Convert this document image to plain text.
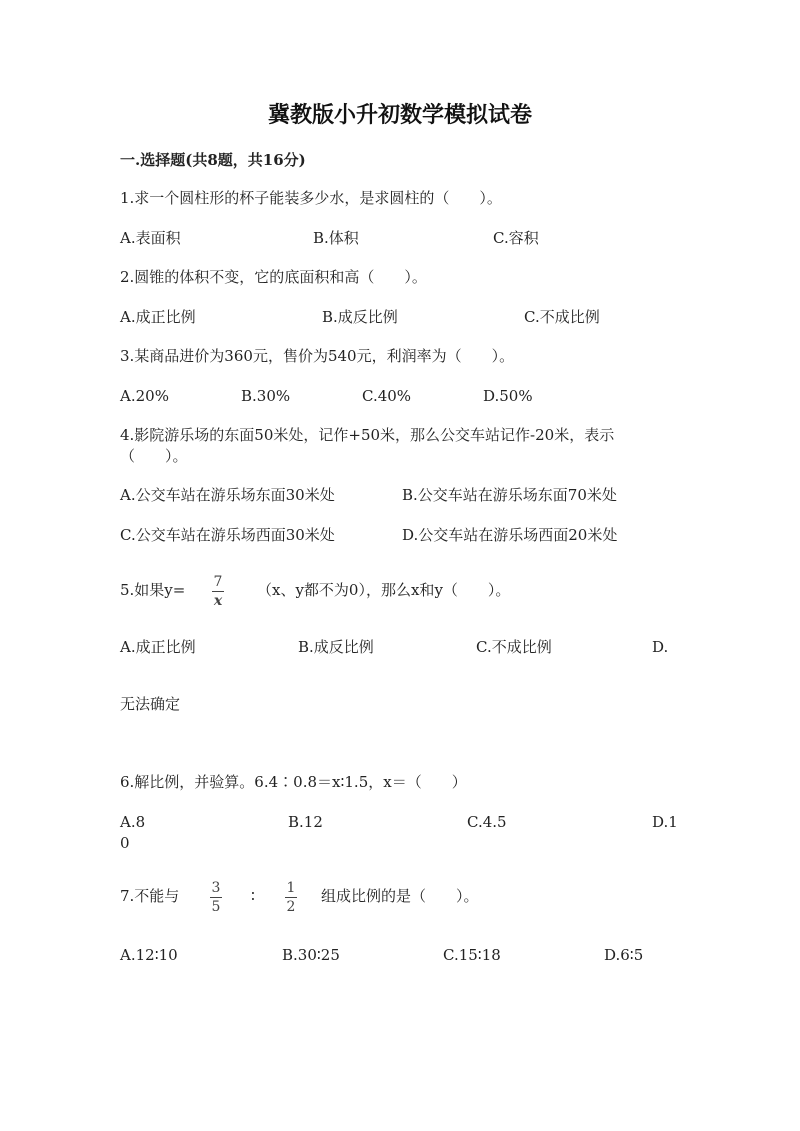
冀教版小升初数学模拟试卷
一.选择题(共8题，共16分)
1.求一个圆柱形的杯子能装多少水，是求圆柱的（　　）。
A.表面积	B.体积	C.容积
2.圆锥的体积不变，它的底面积和高（　　）。
A.成正比例	B.成反比例	C.不成比例
3.某商品进价为360元，售价为540元，利润率为（　　）。
A.20%	B.30%	C.40%	D.50%
4.影院游乐场的东面50米处，记作+50米，那么公交车站记作-20米，表示
（　　）。
A.公交车站在游乐场东面30米处	B.公交车站在游乐场东面70米处
C.公交车站在游乐场西面30米处	D.公交车站在游乐场西面20米处
5.如果y= 7
x
（x、y都不为0），那么x和y（　　）。
A.成正比例	B.成反比例	C.不成比例	D.
无法确定
6.解比例，并验算。6.4∶0.8＝x∶1.5，x＝（　　）
A.8	B.12	C.4.5	D.1
0
7.不能与 3
5
∶ 1
2
组成比例的是（　　）。
A.12∶10	B.30∶25	C.15∶18	D.6∶5
